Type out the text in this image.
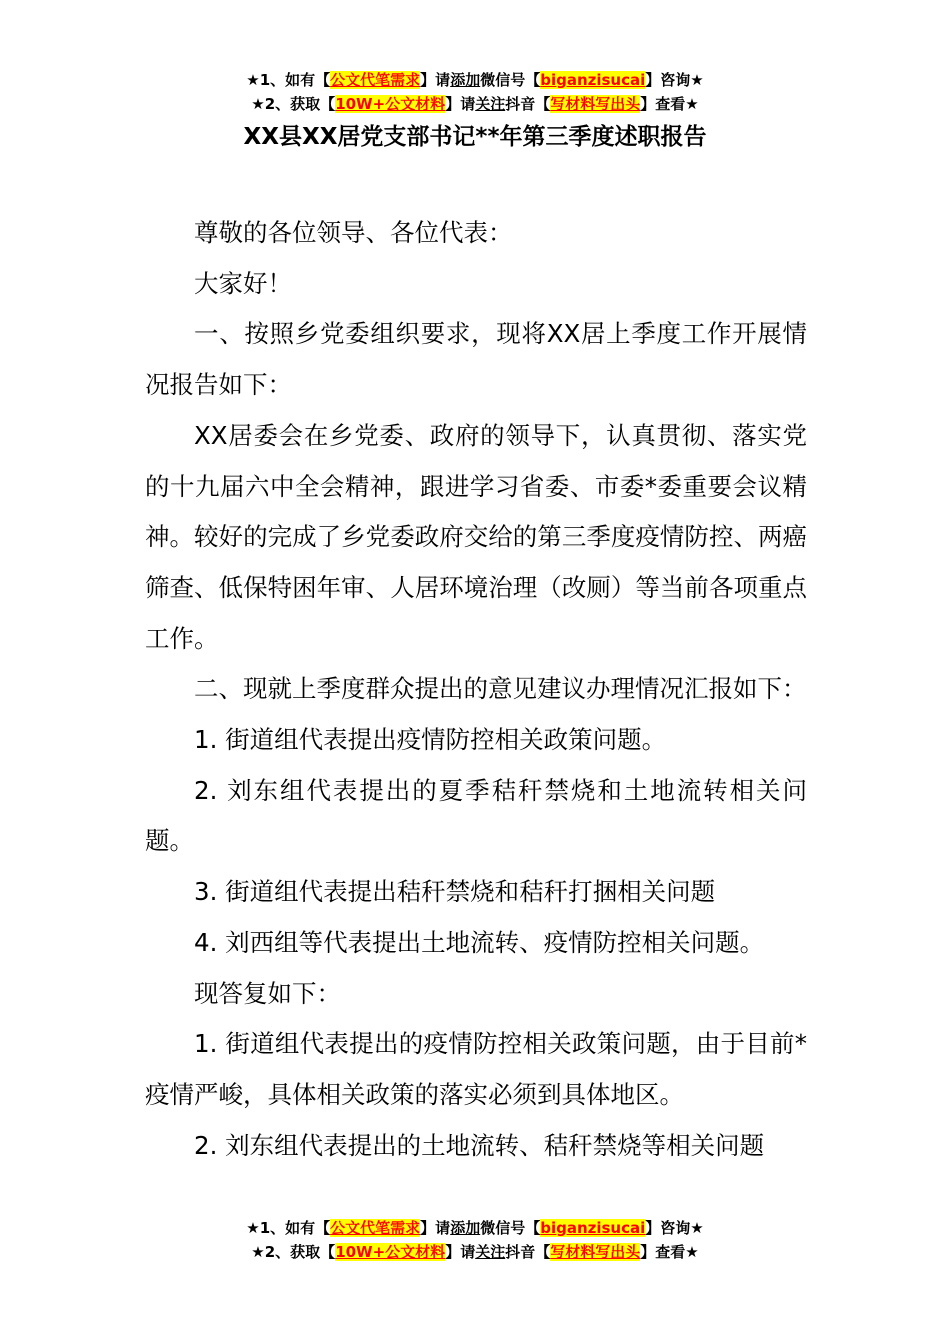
★1、如有【公文代笔需求】请添加微信号【biganzisucai】咨询★
★2、获取【10W+公文材料】请关注抖音【写材料写出头】查看★
XX县XX居党支部书记**年第三季度述职报告

尊敬的各位领导、各位代表：

大家好！

一、按照乡党委组织要求，现将XX居上季度工作开展情况报告如下：

XX居委会在乡党委、政府的领导下，认真贯彻、落实党的十九届六中全会精神，跟进学习省委、市委*委重要会议精神。较好的完成了乡党委政府交给的第三季度疫情防控、两癌筛查、低保特困年审、人居环境治理（改厕）等当前各项重点工作。

二、现就上季度群众提出的意见建议办理情况汇报如下：

1. 街道组代表提出疫情防控相关政策问题。

2. 刘东组代表提出的夏季秸秆禁烧和土地流转相关问题。

3. 街道组代表提出秸秆禁烧和秸秆打捆相关问题

4. 刘西组等代表提出土地流转、疫情防控相关问题。

现答复如下：

1. 街道组代表提出的疫情防控相关政策问题，由于目前*疫情严峻，具体相关政策的落实必须到具体地区。

2. 刘东组代表提出的土地流转、秸秆禁烧等相关问题

★1、如有【公文代笔需求】请添加微信号【biganzisucai】咨询★
★2、获取【10W+公文材料】请关注抖音【写材料写出头】查看★
